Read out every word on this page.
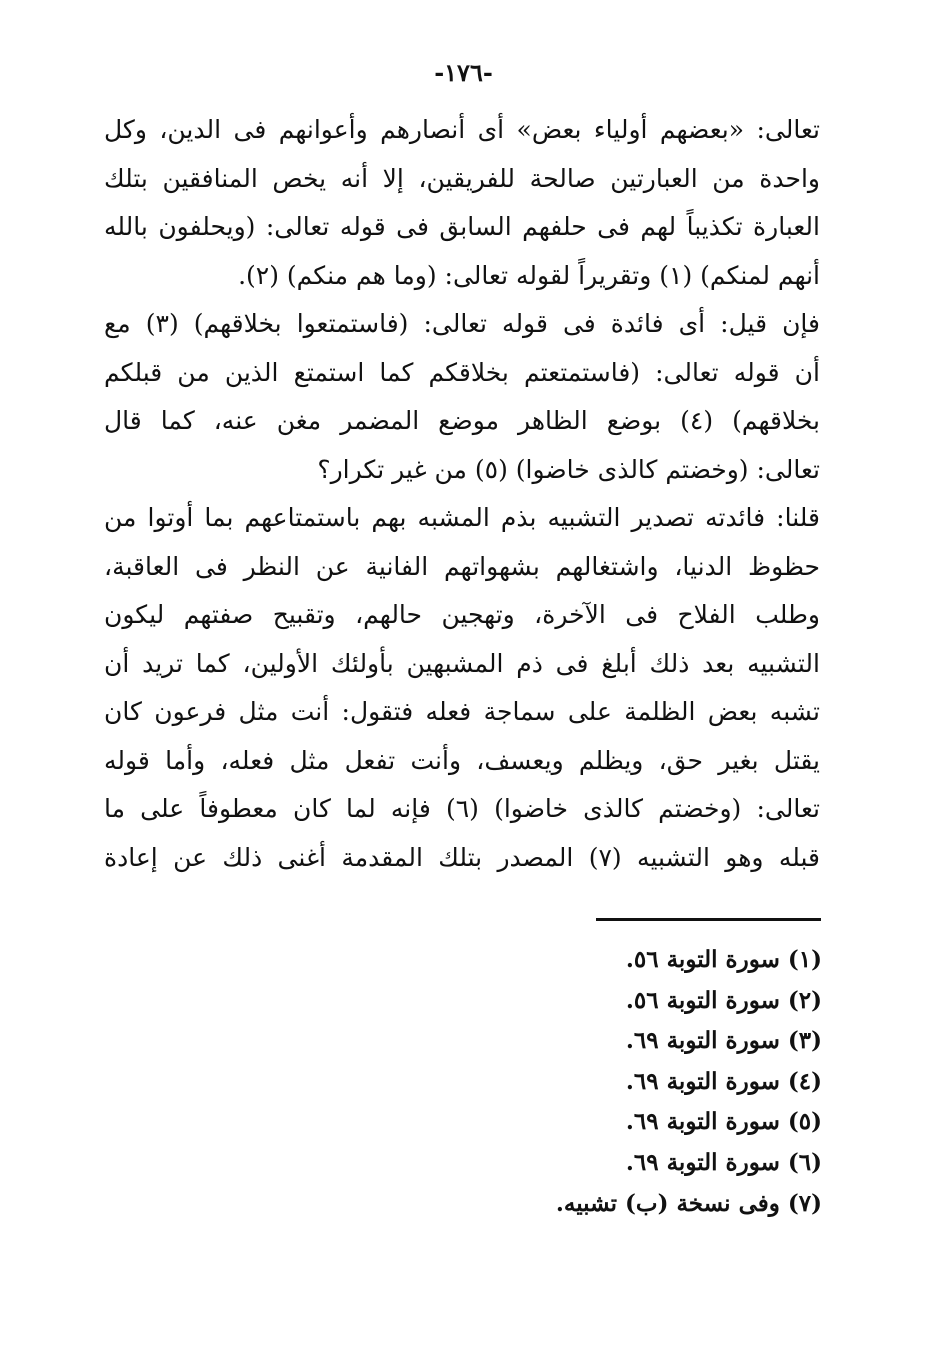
-١٧٦-
تعالى: «بعضهم أولياء بعض» أى أنصارهم وأعوانهم فى الدين، وكل
واحدة من العبارتين صالحة للفريقين، إلا أنه يخص المنافقين بتلك
العبارة تكذيباً لهم فى حلفهم السابق فى قوله تعالى: (ويحلفون بالله
أنهم لمنكم) (١) وتقريراً لقوله تعالى: (وما هم منكم) (٢).
فإن قيل: أى فائدة فى قوله تعالى: (فاستمتعوا بخلاقهم) (٣) مع
أن قوله تعالى: (فاستمتعتم بخلاقكم كما استمتع الذين من قبلكم
بخلاقهم) (٤) بوضع الظاهر موضع المضمر مغن عنه، كما قال
تعالى: (وخضتم كالذى خاضوا) (٥) من غير تكرار؟
قلنا: فائدته تصدير التشبيه بذم المشبه بهم باستمتاعهم بما أوتوا من
حظوظ الدنيا، واشتغالهم بشهواتهم الفانية عن النظر فى العاقبة،
وطلب الفلاح فى الآخرة، وتهجين حالهم، وتقبيح صفتهم ليكون
التشبيه بعد ذلك أبلغ فى ذم المشبهين بأولئك الأولين، كما تريد أن
تشبه بعض الظلمة على سماجة فعله فتقول: أنت مثل فرعون كان
يقتل بغير حق، ويظلم ويعسف، وأنت تفعل مثل فعله، وأما قوله
تعالى: (وخضتم كالذى خاضوا) (٦) فإنه لما كان معطوفاً على ما
قبله وهو التشبيه (٧) المصدر بتلك المقدمة أغنى ذلك عن إعادة
(١) سورة التوبة ٥٦.
(٢) سورة التوبة ٥٦.
(٣) سورة التوبة ٦٩.
(٤) سورة التوبة ٦٩.
(٥) سورة التوبة ٦٩.
(٦) سورة التوبة ٦٩.
(٧) وفى نسخة (ب) تشبيه.
